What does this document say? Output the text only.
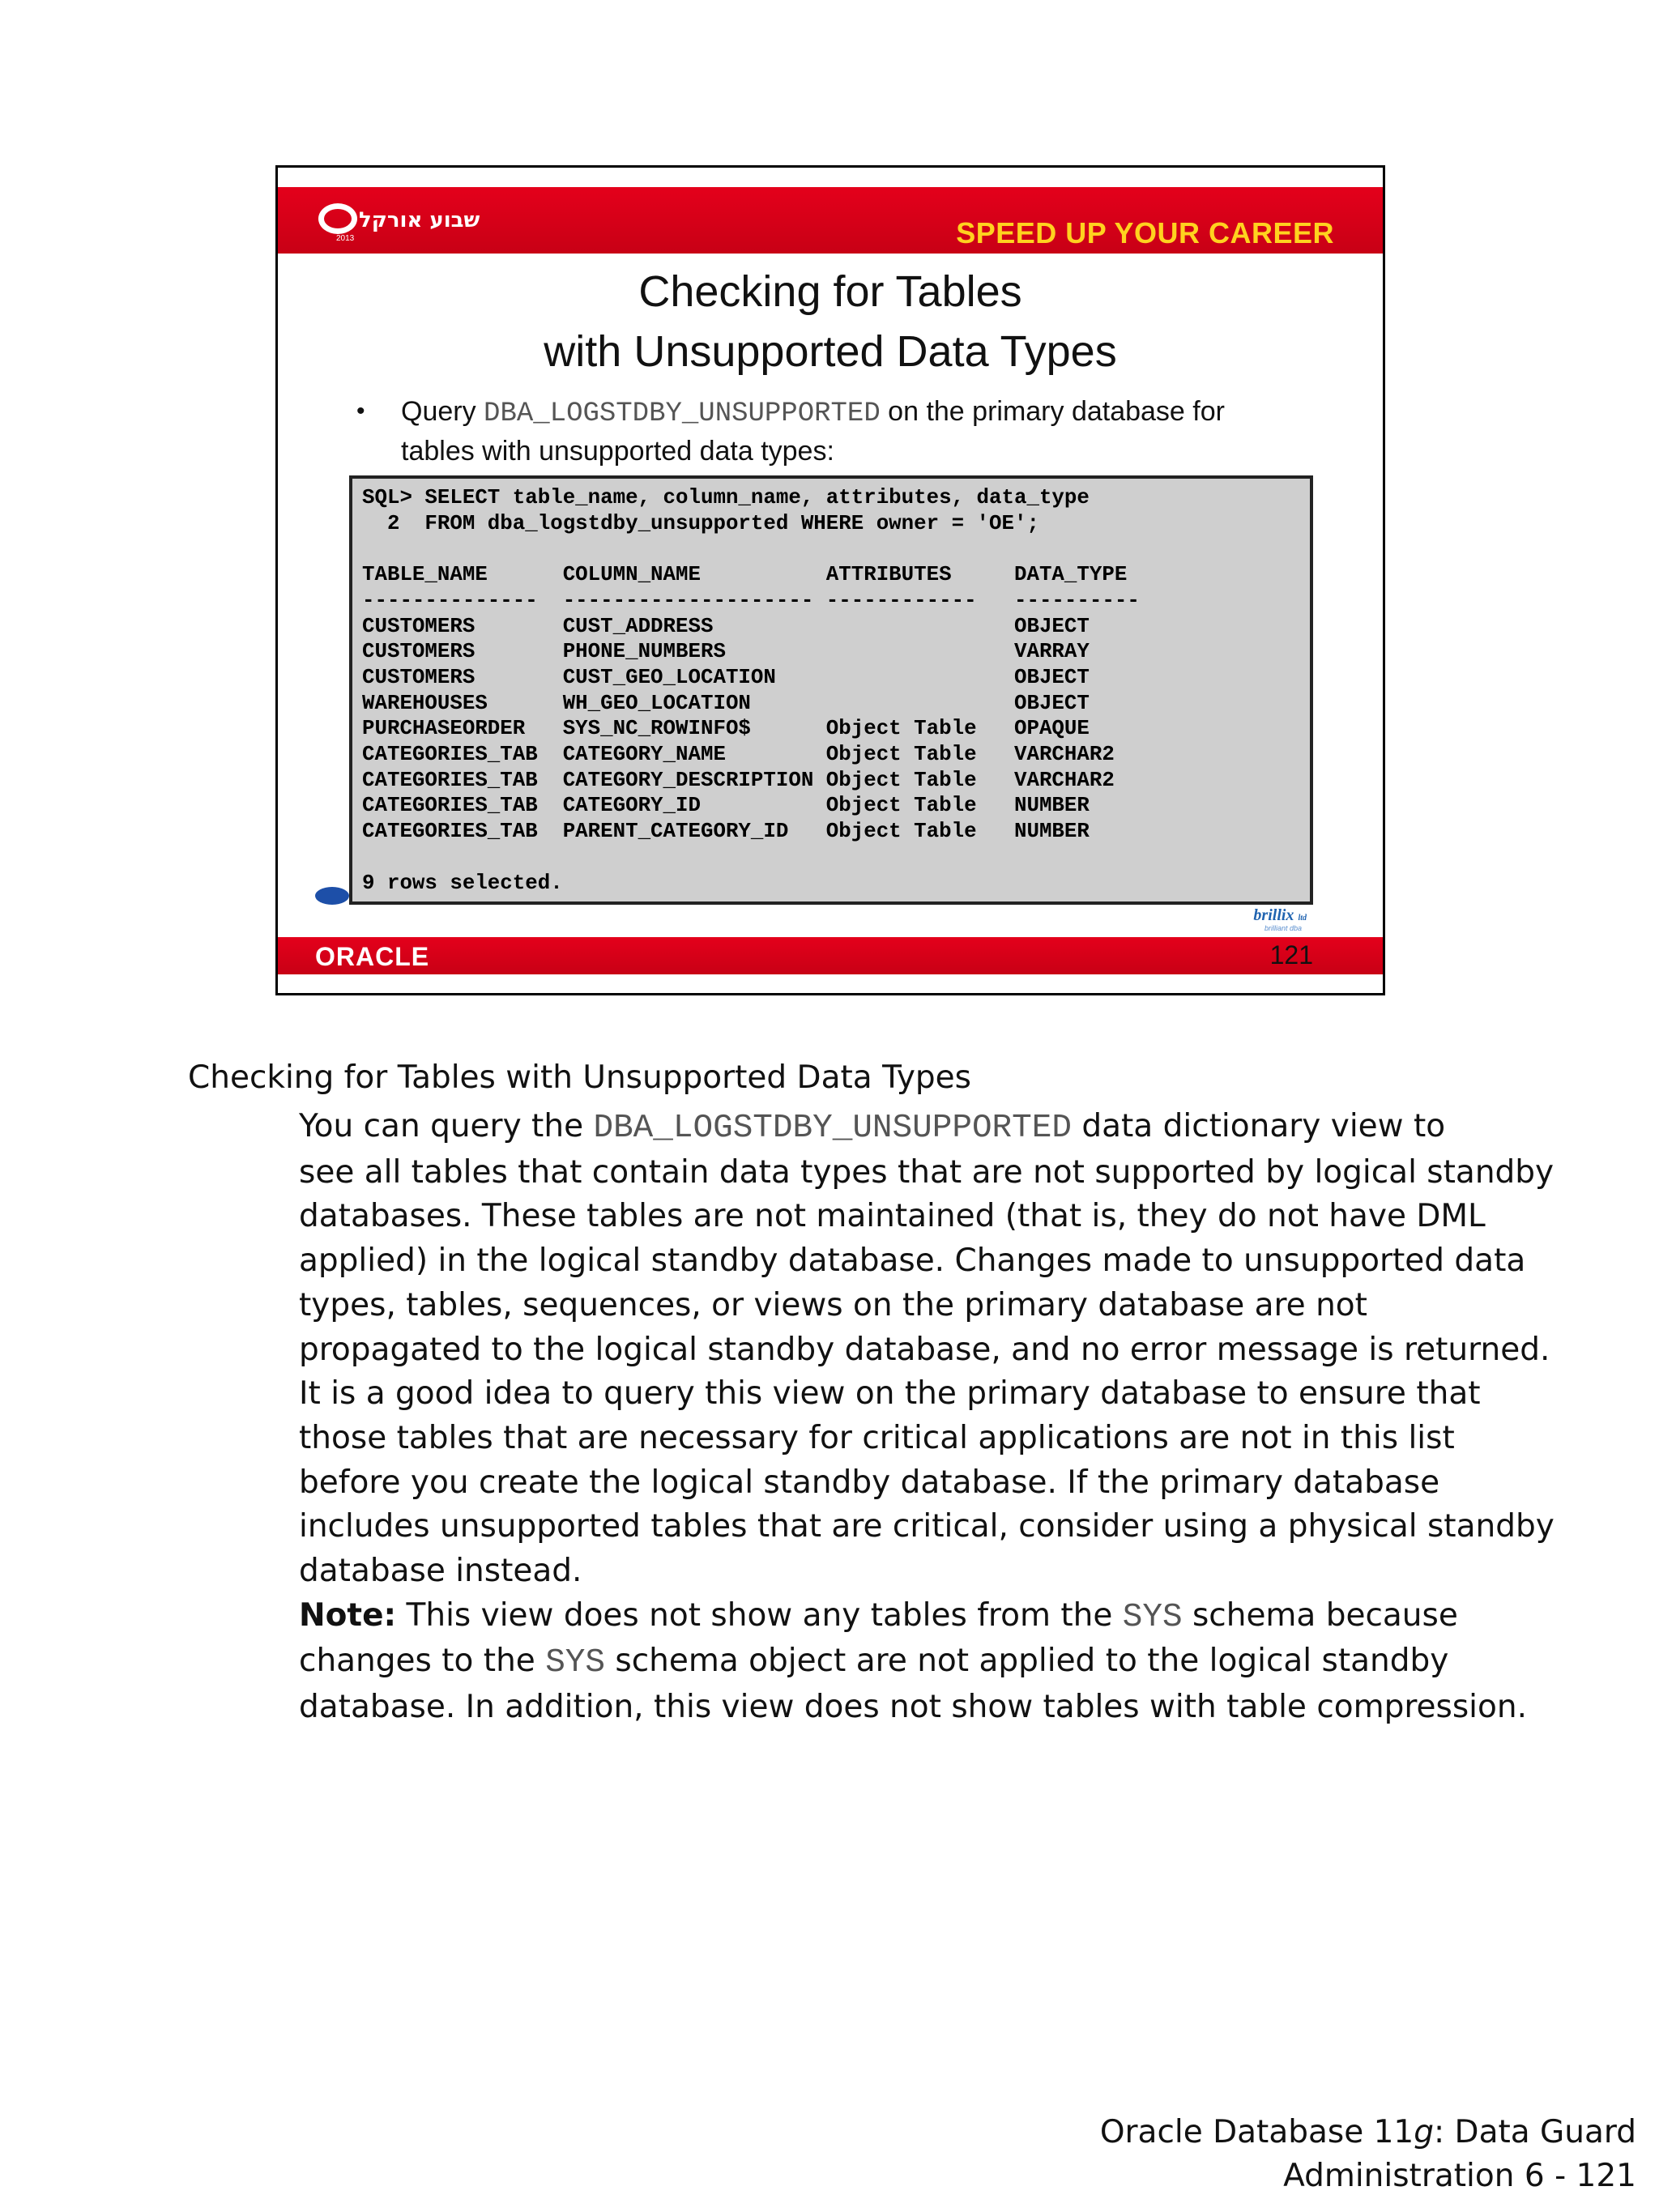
שבוע אורקל
2013	SPEED UP YOUR CAREER
Checking for Tables
with Unsupported Data Types
• Query DBA_LOGSTDBY_UNSUPPORTED on the primary database for
tables with unsupported data types:
SQL> SELECT table_name, column_name, attributes, data_type
2  FROM dba_logstdby_unsupported WHERE owner = 'OE';

TABLE_NAME      COLUMN_NAME          ATTRIBUTES     DATA_TYPE
--------------  -------------------- ------------   ----------
CUSTOMERS       CUST_ADDRESS                        OBJECT
CUSTOMERS       PHONE_NUMBERS                       VARRAY
CUSTOMERS       CUST_GEO_LOCATION                   OBJECT
WAREHOUSES      WH_GEO_LOCATION                     OBJECT
PURCHASEORDER   SYS_NC_ROWINFO$      Object Table   OPAQUE
CATEGORIES_TAB  CATEGORY_NAME        Object Table   VARCHAR2
CATEGORIES_TAB  CATEGORY_DESCRIPTION Object Table   VARCHAR2
CATEGORIES_TAB  CATEGORY_ID          Object Table   NUMBER
CATEGORIES_TAB  PARENT_CATEGORY_ID   Object Table   NUMBER

9 rows selected.
brillix ltd
brilliant dba
ORACLE	121
Checking for Tables with Unsupported Data Types
You can query the DBA_LOGSTDBY_UNSUPPORTED data dictionary view to
see all tables that contain data types that are not supported by logical standby
databases. These tables are not maintained (that is, they do not have DML
applied) in the logical standby database. Changes made to unsupported data
types, tables, sequences, or views on the primary database are not
propagated to the logical standby database, and no error message is returned.
It is a good idea to query this view on the primary database to ensure that
those tables that are necessary for critical applications are not in this list
before you create the logical standby database. If the primary database
includes unsupported tables that are critical, consider using a physical standby
database instead.
Note: This view does not show any tables from the SYS schema because
changes to the SYS schema object are not applied to the logical standby
database. In addition, this view does not show tables with table compression.
Oracle Database 11g: Data Guard
Administration 6 - 121
